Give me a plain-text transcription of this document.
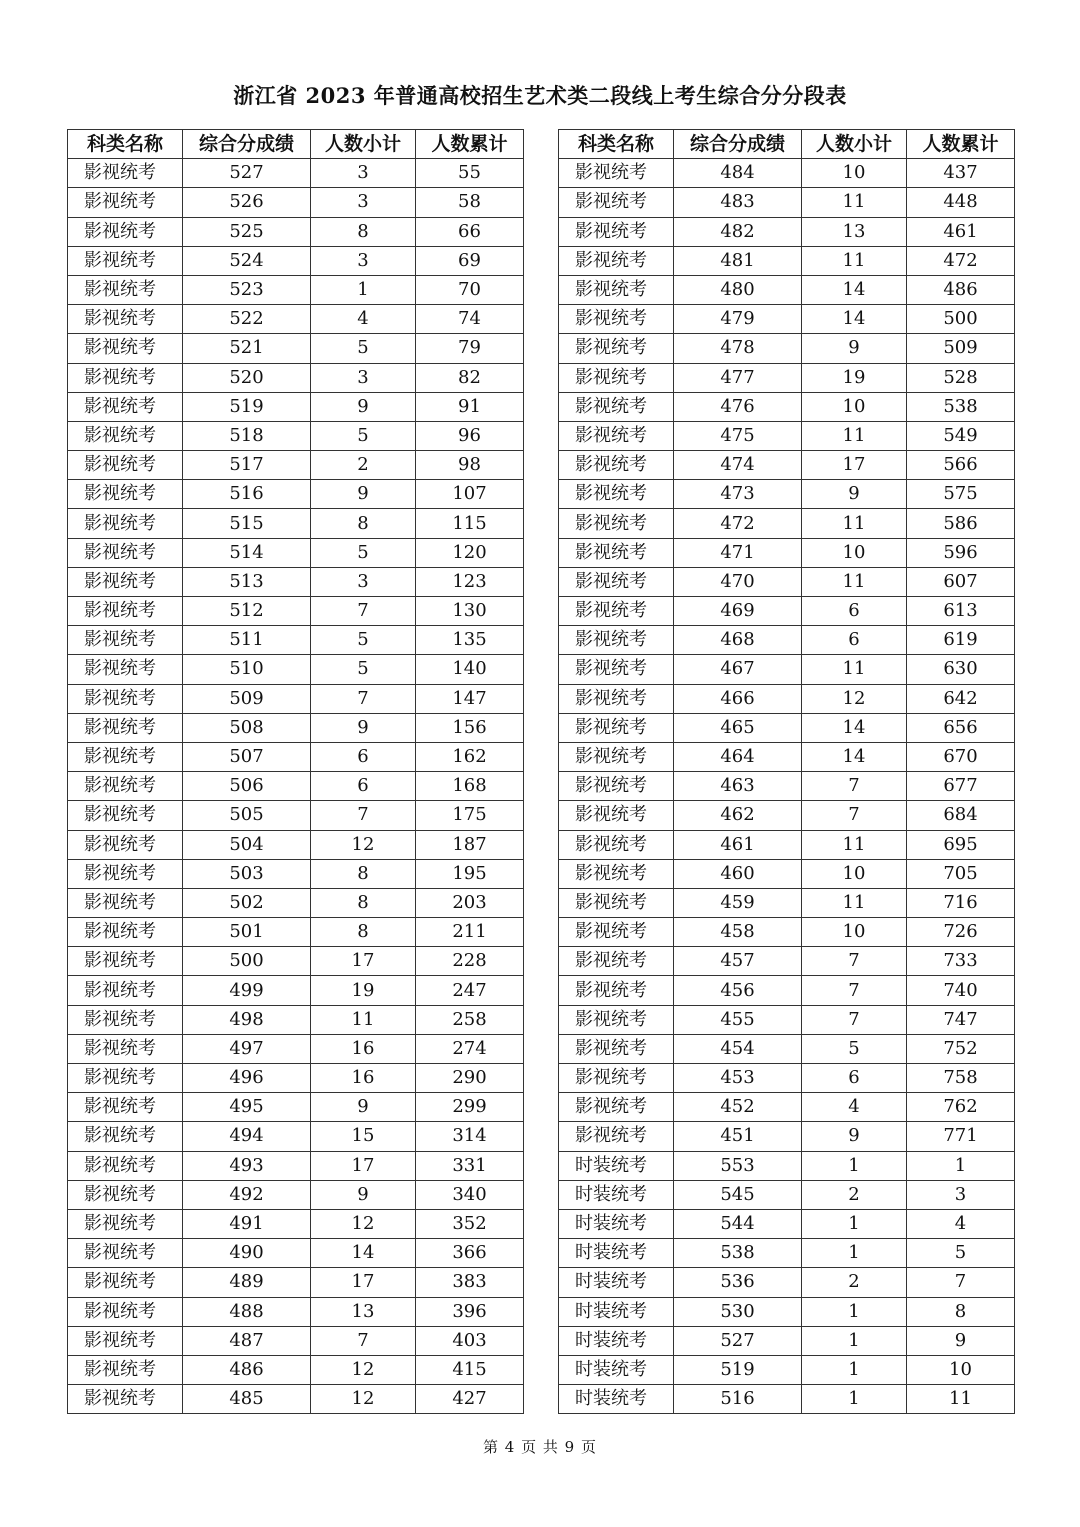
浙江省 2023 年普通高校招生艺术类二段线上考生综合分分段表
科类名称	综合分成绩	人数小计	人数累计
影视统考	527	3	55
影视统考	526	3	58
影视统考	525	8	66
影视统考	524	3	69
影视统考	523	1	70
影视统考	522	4	74
影视统考	521	5	79
影视统考	520	3	82
影视统考	519	9	91
影视统考	518	5	96
影视统考	517	2	98
影视统考	516	9	107
影视统考	515	8	115
影视统考	514	5	120
影视统考	513	3	123
影视统考	512	7	130
影视统考	511	5	135
影视统考	510	5	140
影视统考	509	7	147
影视统考	508	9	156
影视统考	507	6	162
影视统考	506	6	168
影视统考	505	7	175
影视统考	504	12	187
影视统考	503	8	195
影视统考	502	8	203
影视统考	501	8	211
影视统考	500	17	228
影视统考	499	19	247
影视统考	498	11	258
影视统考	497	16	274
影视统考	496	16	290
影视统考	495	9	299
影视统考	494	15	314
影视统考	493	17	331
影视统考	492	9	340
影视统考	491	12	352
影视统考	490	14	366
影视统考	489	17	383
影视统考	488	13	396
影视统考	487	7	403
影视统考	486	12	415
影视统考	485	12	427
科类名称	综合分成绩	人数小计	人数累计
影视统考	484	10	437
影视统考	483	11	448
影视统考	482	13	461
影视统考	481	11	472
影视统考	480	14	486
影视统考	479	14	500
影视统考	478	9	509
影视统考	477	19	528
影视统考	476	10	538
影视统考	475	11	549
影视统考	474	17	566
影视统考	473	9	575
影视统考	472	11	586
影视统考	471	10	596
影视统考	470	11	607
影视统考	469	6	613
影视统考	468	6	619
影视统考	467	11	630
影视统考	466	12	642
影视统考	465	14	656
影视统考	464	14	670
影视统考	463	7	677
影视统考	462	7	684
影视统考	461	11	695
影视统考	460	10	705
影视统考	459	11	716
影视统考	458	10	726
影视统考	457	7	733
影视统考	456	7	740
影视统考	455	7	747
影视统考	454	5	752
影视统考	453	6	758
影视统考	452	4	762
影视统考	451	9	771
时装统考	553	1	1
时装统考	545	2	3
时装统考	544	1	4
时装统考	538	1	5
时装统考	536	2	7
时装统考	530	1	8
时装统考	527	1	9
时装统考	519	1	10
时装统考	516	1	11
第 4 页 共 9 页
